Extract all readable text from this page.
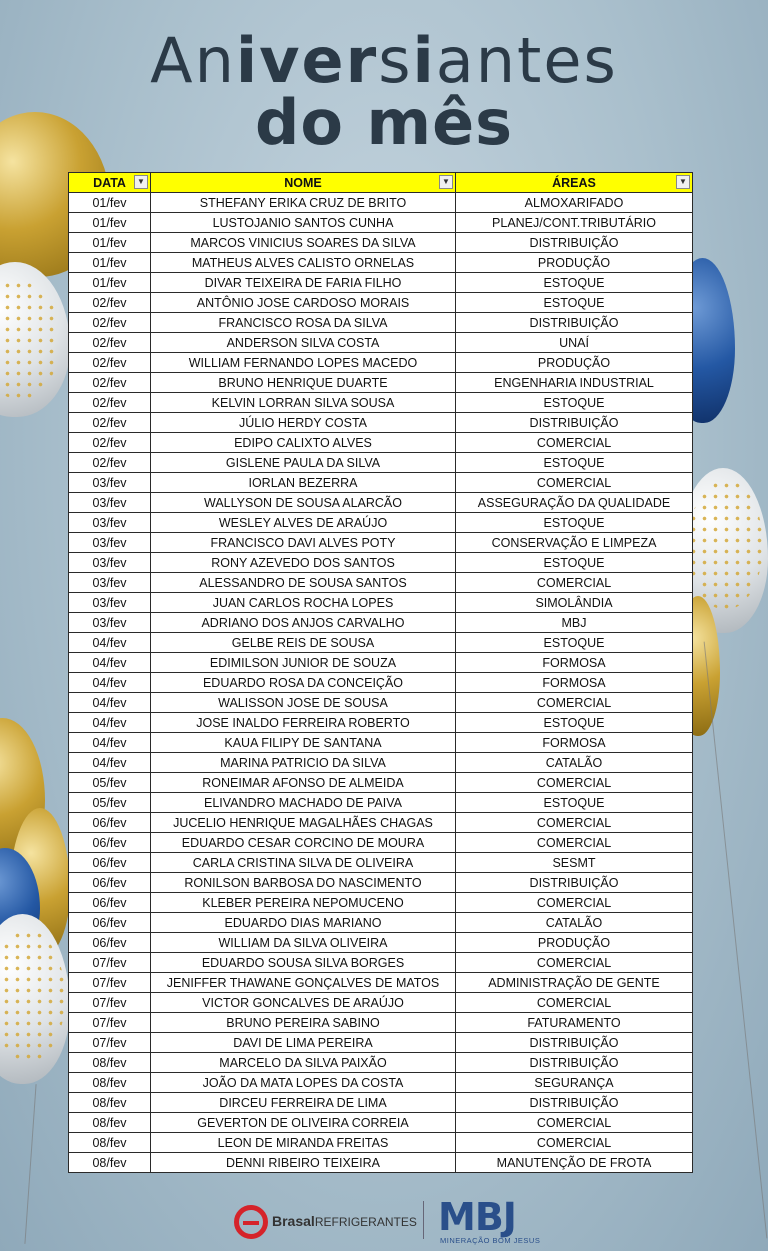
Aniversiantes
do mês
DATA ▼	NOME ▼	ÁREAS ▼

01/fev	STHEFANY ERIKA CRUZ DE BRITO	ALMOXARIFADO
01/fev	LUSTOJANIO SANTOS CUNHA	PLANEJ/CONT.TRIBUTÁRIO
01/fev	MARCOS VINICIUS SOARES DA SILVA	DISTRIBUIÇÃO
01/fev	MATHEUS ALVES CALISTO ORNELAS	PRODUÇÃO
01/fev	DIVAR TEIXEIRA DE FARIA FILHO	ESTOQUE
02/fev	ANTÔNIO JOSE CARDOSO MORAIS	ESTOQUE
02/fev	FRANCISCO ROSA DA SILVA	DISTRIBUIÇÃO
02/fev	ANDERSON SILVA COSTA	UNAÍ
02/fev	WILLIAM FERNANDO LOPES MACEDO	PRODUÇÃO
02/fev	BRUNO HENRIQUE DUARTE	ENGENHARIA INDUSTRIAL
02/fev	KELVIN LORRAN SILVA SOUSA	ESTOQUE
02/fev	JÚLIO HERDY COSTA	DISTRIBUIÇÃO
02/fev	EDIPO CALIXTO ALVES	COMERCIAL
02/fev	GISLENE PAULA DA SILVA	ESTOQUE
03/fev	IORLAN BEZERRA	COMERCIAL
03/fev	WALLYSON DE SOUSA ALARCÃO	ASSEGURAÇÃO DA QUALIDADE
03/fev	WESLEY ALVES DE ARAÚJO	ESTOQUE
03/fev	FRANCISCO DAVI ALVES POTY	CONSERVAÇÃO E LIMPEZA
03/fev	RONY AZEVEDO DOS SANTOS	ESTOQUE
03/fev	ALESSANDRO DE SOUSA SANTOS	COMERCIAL
03/fev	JUAN CARLOS ROCHA LOPES	SIMOLÂNDIA
03/fev	ADRIANO DOS ANJOS CARVALHO	MBJ
04/fev	GELBE REIS DE SOUSA	ESTOQUE
04/fev	EDIMILSON JUNIOR DE SOUZA	FORMOSA
04/fev	EDUARDO ROSA DA CONCEIÇÃO	FORMOSA
04/fev	WALISSON JOSE DE SOUSA	COMERCIAL
04/fev	JOSE INALDO FERREIRA ROBERTO	ESTOQUE
04/fev	KAUA FILIPY DE SANTANA	FORMOSA
04/fev	MARINA PATRICIO DA SILVA	CATALÃO
05/fev	RONEIMAR AFONSO DE ALMEIDA	COMERCIAL
05/fev	ELIVANDRO MACHADO DE PAIVA	ESTOQUE
06/fev	JUCELIO HENRIQUE MAGALHÃES CHAGAS	COMERCIAL
06/fev	EDUARDO CESAR CORCINO DE MOURA	COMERCIAL
06/fev	CARLA CRISTINA SILVA DE OLIVEIRA	SESMT
06/fev	RONILSON BARBOSA DO NASCIMENTO	DISTRIBUIÇÃO
06/fev	KLEBER PEREIRA NEPOMUCENO	COMERCIAL
06/fev	EDUARDO DIAS MARIANO	CATALÃO
06/fev	WILLIAM DA SILVA OLIVEIRA	PRODUÇÃO
07/fev	EDUARDO SOUSA SILVA BORGES	COMERCIAL
07/fev	JENIFFER THAWANE GONÇALVES DE MATOS	ADMINISTRAÇÃO DE GENTE
07/fev	VICTOR GONCALVES DE ARAÚJO	COMERCIAL
07/fev	BRUNO PEREIRA SABINO	FATURAMENTO
07/fev	DAVI DE LIMA PEREIRA	DISTRIBUIÇÃO
08/fev	MARCELO DA SILVA PAIXÃO	DISTRIBUIÇÃO
08/fev	JOÃO DA MATA LOPES DA COSTA	SEGURANÇA
08/fev	DIRCEU FERREIRA DE LIMA	DISTRIBUIÇÃO
08/fev	GEVERTON DE OLIVEIRA CORREIA	COMERCIAL
08/fev	LEON DE MIRANDA FREITAS	COMERCIAL
08/fev	DENNI RIBEIRO TEIXEIRA	MANUTENÇÃO DE FROTA
BrasalREFRIGERANTES MBJ
MINERAÇÃO BOM JESUS
